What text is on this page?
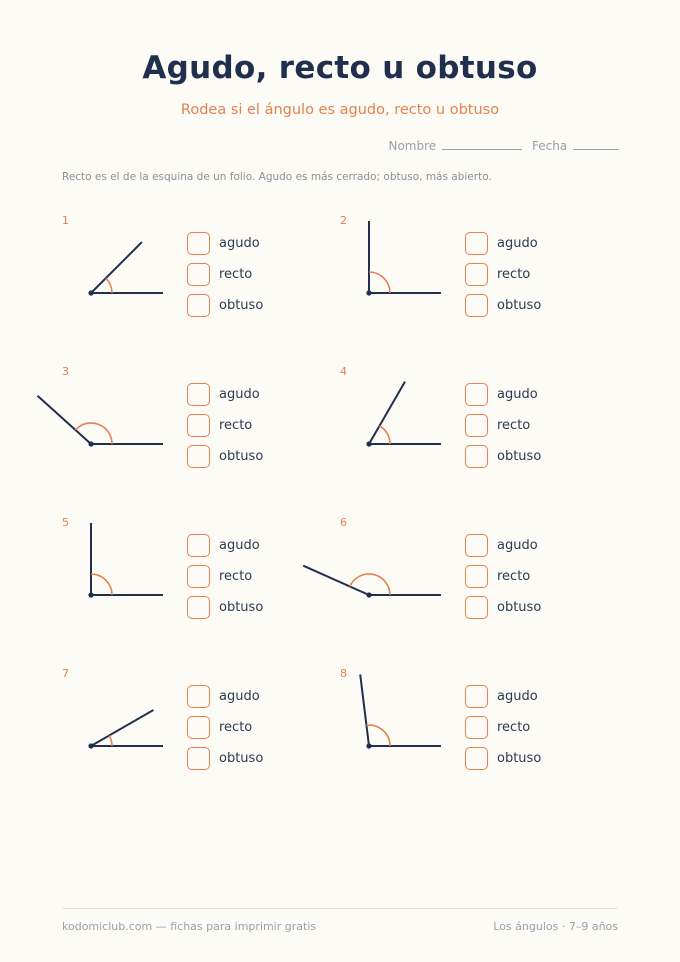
Agudo, recto u obtuso
Rodea si el ángulo es agudo, recto u obtuso
Nombre	Fecha
Recto es el de la esquina de un folio. Agudo es más cerrado; obtuso, más abierto.
1
agudo
recto
obtuso
2
agudo
recto
obtuso
3
agudo
recto
obtuso
4
agudo
recto
obtuso
5
agudo
recto
obtuso
6
agudo
recto
obtuso
7
agudo
recto
obtuso
8
agudo
recto
obtuso
kodomiclub.com — fichas para imprimir gratis	Los ángulos · 7–9 años
